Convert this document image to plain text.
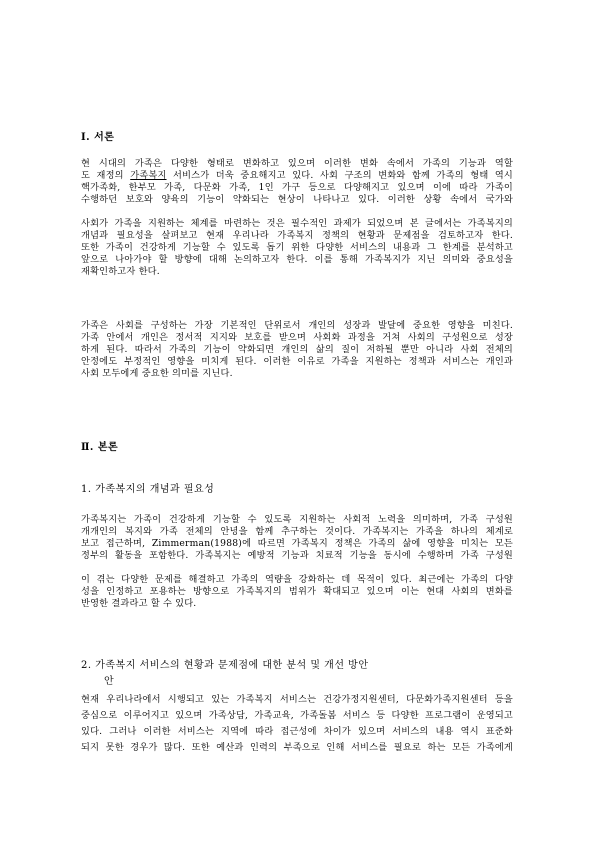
Ⅰ. 서론
현 시대의 가족은 다양한 형태로 변화하고 있으며 이러한 변화 속에서 가족의 기능과 역할
도 재정의 가족복지 서비스가 더욱 중요해지고 있다. 사회 구조의 변화와 함께 가족의 형태 역시
핵가족화, 한부모 가족, 다문화 가족, 1인 가구 등으로 다양해지고 있으며 이에 따라 가족이
수행하던 보호와 양육의 기능이 약화되는 현상이 나타나고 있다. 이러한 상황 속에서 국가와
사회가 가족을 지원하는 체계를 마련하는 것은 필수적인 과제가 되었으며 본 글에서는 가족복지의
개념과 필요성을 살펴보고 현재 우리나라 가족복지 정책의 현황과 문제점을 검토하고자 한다.
또한 가족이 건강하게 기능할 수 있도록 돕기 위한 다양한 서비스의 내용과 그 한계를 분석하고
앞으로 나아가야 할 방향에 대해 논의하고자 한다. 이를 통해 가족복지가 지닌 의미와 중요성을
재확인하고자 한다.
가족은 사회를 구성하는 가장 기본적인 단위로서 개인의 성장과 발달에 중요한 영향을 미친다.
가족 안에서 개인은 정서적 지지와 보호를 받으며 사회화 과정을 거쳐 사회의 구성원으로 성장
하게 된다. 따라서 가족의 기능이 약화되면 개인의 삶의 질이 저하될 뿐만 아니라 사회 전체의
안정에도 부정적인 영향을 미치게 된다. 이러한 이유로 가족을 지원하는 정책과 서비스는 개인과
사회 모두에게 중요한 의미를 지닌다.
Ⅱ. 본론
1. 가족복지의 개념과 필요성
가족복지는 가족이 건강하게 기능할 수 있도록 지원하는 사회적 노력을 의미하며, 가족 구성원
개개인의 복지와 가족 전체의 안녕을 함께 추구하는 것이다. 가족복지는 가족을 하나의 체계로
보고 접근하며, Zimmerman(1988)에 따르면 가족복지 정책은 가족의 삶에 영향을 미치는 모든
정부의 활동을 포함한다. 가족복지는 예방적 기능과 치료적 기능을 동시에 수행하며 가족 구성원
이 겪는 다양한 문제를 해결하고 가족의 역량을 강화하는 데 목적이 있다. 최근에는 가족의 다양
성을 인정하고 포용하는 방향으로 가족복지의 범위가 확대되고 있으며 이는 현대 사회의 변화를
반영한 결과라고 할 수 있다.
2. 가족복지 서비스의 현황과 문제점에 대한 분석 및 개선 방안
안
현재 우리나라에서 시행되고 있는 가족복지 서비스는 건강가정지원센터, 다문화가족지원센터 등을
중심으로 이루어지고 있으며 가족상담, 가족교육, 가족돌봄 서비스 등 다양한 프로그램이 운영되고
있다. 그러나 이러한 서비스는 지역에 따라 접근성에 차이가 있으며 서비스의 내용 역시 표준화
되지 못한 경우가 많다. 또한 예산과 인력의 부족으로 인해 서비스를 필요로 하는 모든 가족에게
